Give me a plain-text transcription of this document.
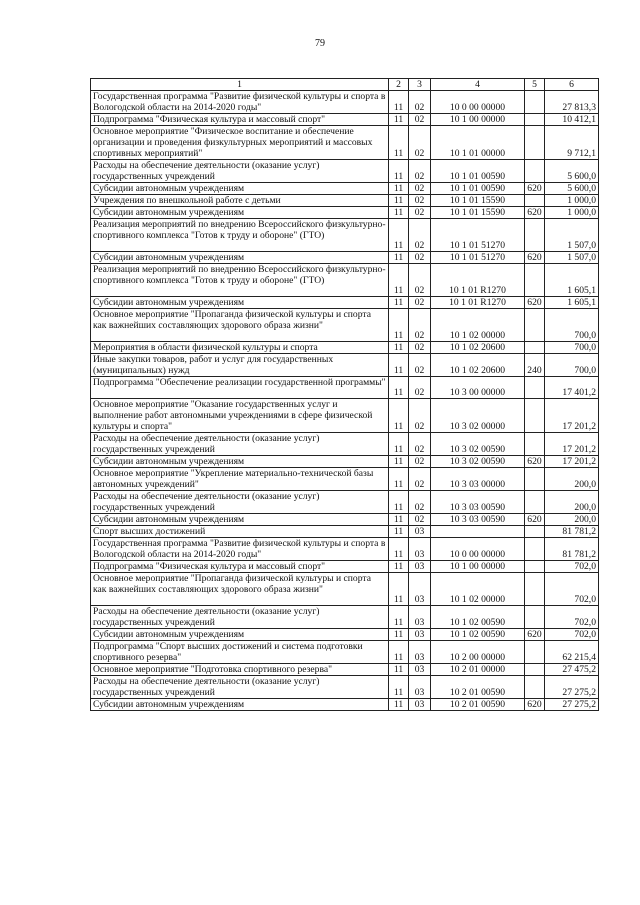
79
1	2	3	4	5	6
Государственная программа "Развитие физической культуры и спорта в Вологодской области на 2014-2020 годы"	11	02	10 0 00 00000		27 813,3
Подпрограмма "Физическая культура и массовый спорт"	11	02	10 1 00 00000		10 412,1
Основное мероприятие "Физическое воспитание и обеспечение организации и проведения физкультурных мероприятий и массовых спортивных мероприятий"	11	02	10 1 01 00000		9 712,1
Расходы на обеспечение деятельности (оказание услуг) государственных учреждений	11	02	10 1 01 00590		5 600,0
Субсидии автономным учреждениям	11	02	10 1 01 00590	620	5 600,0
Учреждения по внешкольной работе с детьми	11	02	10 1 01 15590		1 000,0
Субсидии автономным учреждениям	11	02	10 1 01 15590	620	1 000,0
Реализация мероприятий по внедрению Всероссийского физкультурно-спортивного комплекса "Готов к труду и обороне" (ГТО)	11	02	10 1 01 51270		1 507,0
Субсидии автономным учреждениям	11	02	10 1 01 51270	620	1 507,0
Реализация мероприятий по внедрению Всероссийского физкультурно-спортивного комплекса "Готов к труду и обороне" (ГТО)	11	02	10 1 01 R1270		1 605,1
Субсидии автономным учреждениям	11	02	10 1 01 R1270	620	1 605,1
Основное мероприятие "Пропаганда физической культуры и спорта как важнейших составляющих здорового образа жизни"	11	02	10 1 02 00000		700,0
Мероприятия в области физической культуры и спорта	11	02	10 1 02 20600		700,0
Иные закупки товаров, работ и услуг для государственных (муниципальных) нужд	11	02	10 1 02 20600	240	700,0
Подпрограмма "Обеспечение реализации государственной программы"	11	02	10 3 00 00000		17 401,2
Основное мероприятие "Оказание государственных услуг и выполнение работ автономными учреждениями в сфере физической культуры и спорта"	11	02	10 3 02 00000		17 201,2
Расходы на обеспечение деятельности (оказание услуг) государственных учреждений	11	02	10 3 02 00590		17 201,2
Субсидии автономным учреждениям	11	02	10 3 02 00590	620	17 201,2
Основное мероприятие "Укрепление материально-технической базы автономных учреждений"	11	02	10 3 03 00000		200,0
Расходы на обеспечение деятельности (оказание услуг) государственных учреждений	11	02	10 3 03 00590		200,0
Субсидии автономным учреждениям	11	02	10 3 03 00590	620	200,0
Спорт высших достижений	11	03			81 781,2
Государственная программа "Развитие физической культуры и спорта в Вологодской области на 2014-2020 годы"	11	03	10 0 00 00000		81 781,2
Подпрограмма "Физическая культура и массовый спорт"	11	03	10 1 00 00000		702,0
Основное мероприятие "Пропаганда физической культуры и спорта как важнейших составляющих здорового образа жизни"	11	03	10 1 02 00000		702,0
Расходы на обеспечение деятельности (оказание услуг) государственных учреждений	11	03	10 1 02 00590		702,0
Субсидии автономным учреждениям	11	03	10 1 02 00590	620	702,0
Подпрограмма "Спорт высших достижений и система подготовки спортивного резерва"	11	03	10 2 00 00000		62 215,4
Основное мероприятие "Подготовка спортивного резерва"	11	03	10 2 01 00000		27 475,2
Расходы на обеспечение деятельности (оказание услуг) государственных учреждений	11	03	10 2 01 00590		27 275,2
Субсидии автономным учреждениям	11	03	10 2 01 00590	620	27 275,2
